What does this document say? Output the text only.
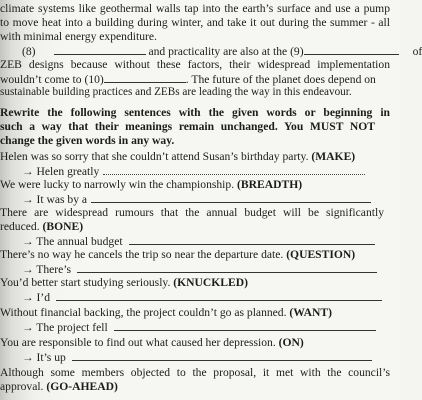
climate systems like geothermal walls tap into the earth’s surface and use a pump
to move heat into a building during winter, and take it out during the summer - all
with minimal energy expenditure.
(8)	and practicality are also at the (9)	of
ZEB designs because without these factors, their widespread implementation
wouldn’t come to (10)	. The future of the planet does depend on
sustainable building practices and ZEBs are leading the way in this endeavour.
Rewrite the following sentences with the given words or beginning in
such a way that their meanings remain unchanged. You MUST NOT
change the given words in any way.
Helen was so sorry that she couldn’t attend Susan’s birthday party. (MAKE)
→ Helen greatly
We were lucky to narrowly win the championship. (BREADTH)
→ It was by a
There are widespread rumours that the annual budget will be significantly
reduced. (BONE)
→ The annual budget
There’s no way he cancels the trip so near the departure date. (QUESTION)
→ There’s
You’d better start studying seriously. (KNUCKLED)
→ I’d
Without financial backing, the project couldn’t go as planned. (WANT)
→ The project fell
You are responsible to find out what caused her depression. (ON)
→ It’s up
Although some members objected to the proposal, it met with the council’s
approval. (GO-AHEAD)
